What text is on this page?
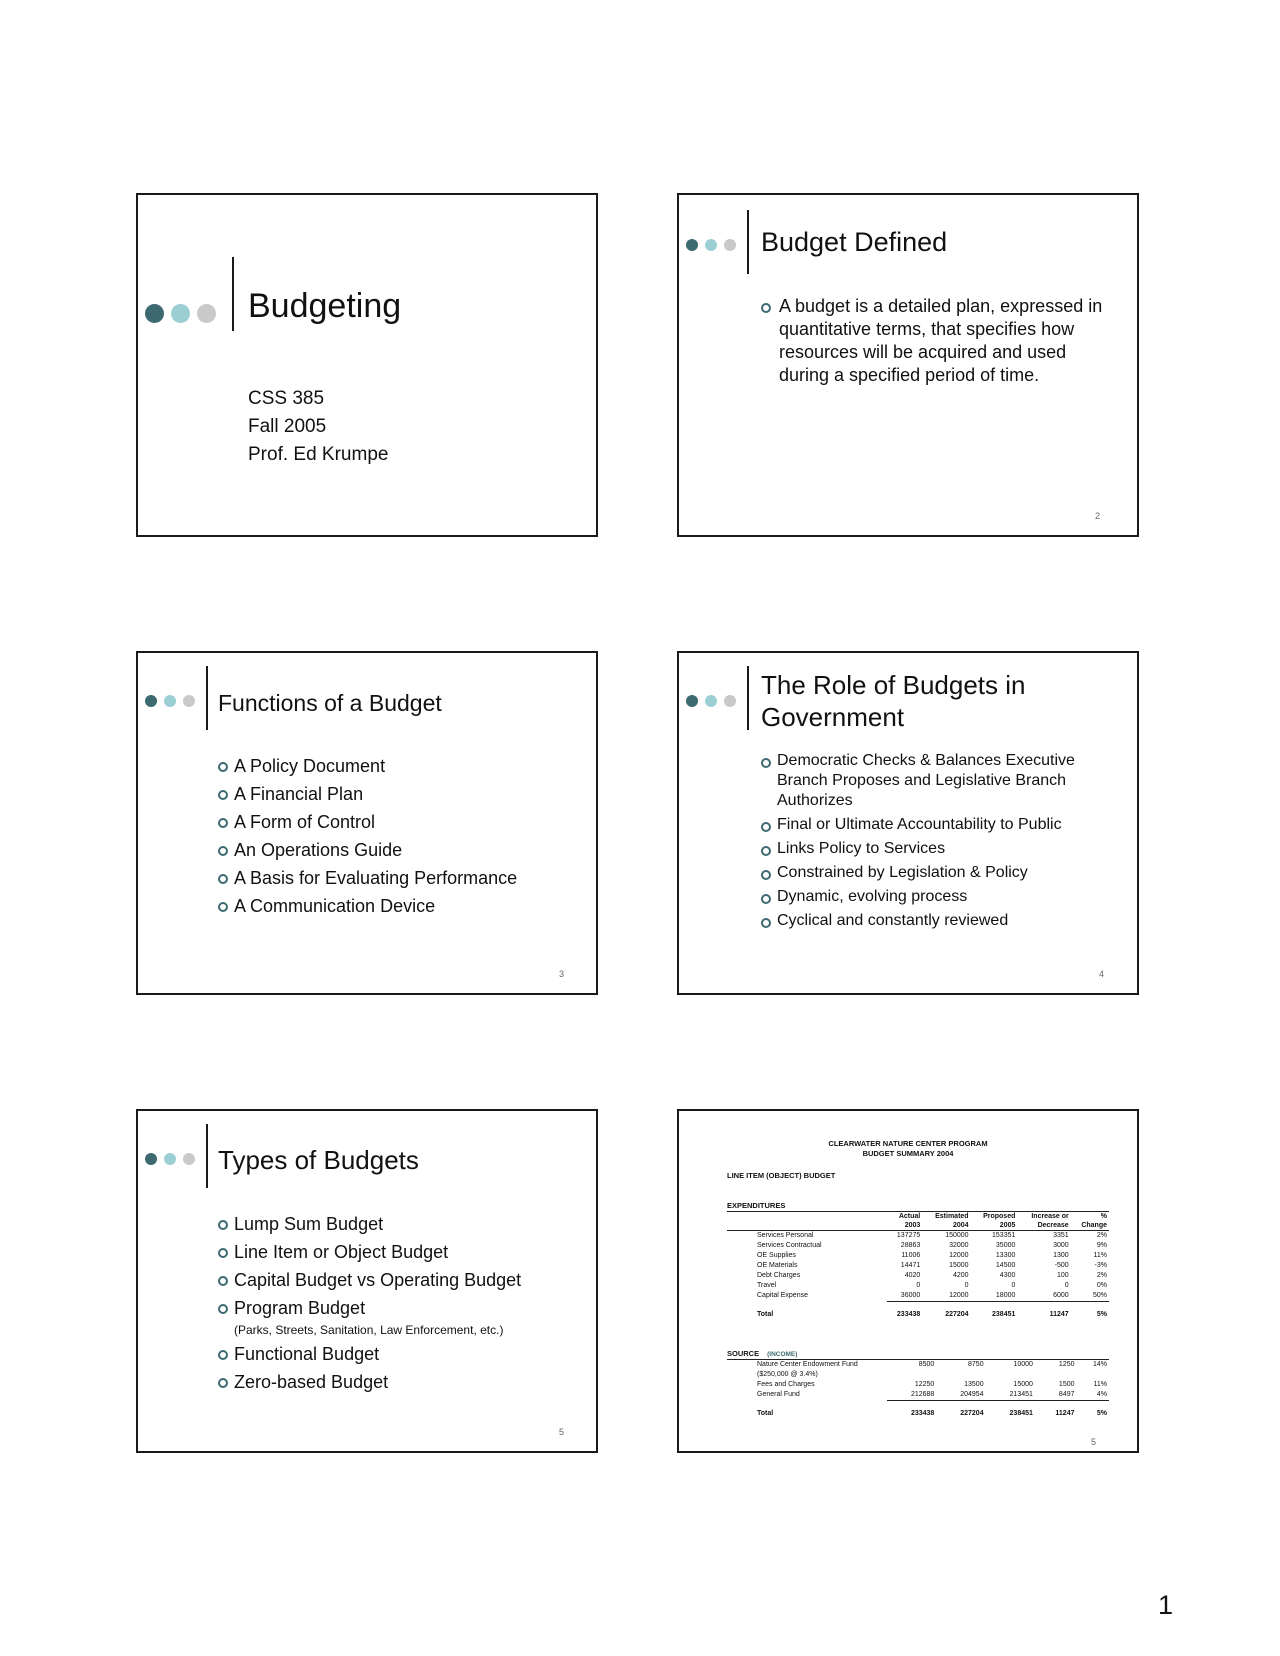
Budgeting
CSS 385
Fall 2005
Prof. Ed Krumpe
Budget Defined
A budget is a detailed plan, expressed in quantitative terms, that specifies how resources will be acquired and used during a specified period of time.
2
Functions of a Budget
A Policy Document
A Financial Plan
A Form of Control
An Operations Guide
A Basis for Evaluating Performance
A Communication Device
3
The Role of Budgets in Government
Democratic Checks & Balances Executive Branch Proposes and Legislative Branch Authorizes
Final or Ultimate Accountability to Public
Links Policy to Services
Constrained by Legislation & Policy
Dynamic, evolving process
Cyclical and constantly reviewed
4
Types of Budgets
Lump Sum Budget
Line Item or Object Budget
Capital Budget vs Operating Budget
Program Budget
(Parks, Streets, Sanitation, Law Enforcement, etc.)
Functional Budget
Zero-based Budget
5
CLEARWATER NATURE CENTER PROGRAM
BUDGET SUMMARY 2004
LINE ITEM (OBJECT) BUDGET
EXPENDITURES
	Actual	Estimated	Proposed	Increase or	%
	2003	2004	2005	Decrease	Change
Services Personal	137275	150000	153351	3351	2%
Services Contractual	28863	32000	35000	3000	9%
OE Supplies	11006	12000	13300	1300	11%
OE Materials	14471	15000	14500	-500	-3%
Debt Charges	4020	4200	4300	100	2%
Travel	0	0	0	0	0%
Capital Expense	36000	12000	18000	6000	50%
Total	233438	227204	238451	11247	5%
SOURCE (INCOME)
Nature Center Endowment Fund	8500	8750	10000	1250	14%
($250,000 @ 3.4%)					
Fees and Charges	12250	13500	15000	1500	11%
General Fund	212688	204954	213451	8497	4%
Total	233438	227204	238451	11247	5%
5
1
